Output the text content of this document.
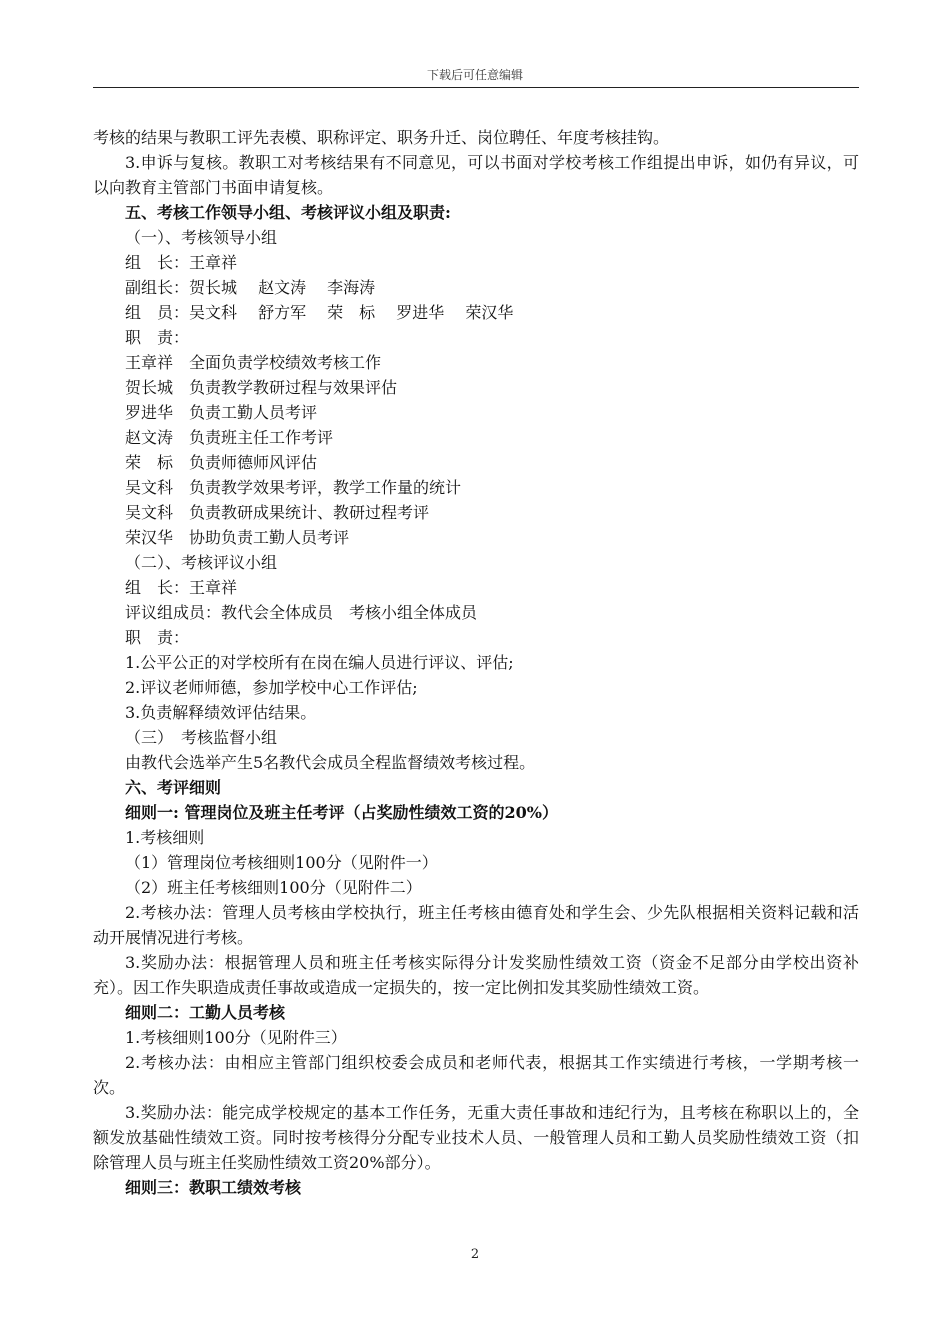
下载后可任意编辑

考核的结果与教职工评先表模、职称评定、职务升迁、岗位聘任、年度考核挂钩。

3.申诉与复核。教职工对考核结果有不同意见，可以书面对学校考核工作组提出申诉，如仍有异议，可以向教育主管部门书面申请复核。

五、考核工作领导小组、考核评议小组及职责:

（一）、考核领导小组

组　长：王章祥

副组长：贺长城　 赵文涛　 李海涛

组　员：吴文科　 舒方军　 荣　标　 罗进华　 荣汉华

职　责：

王章祥　全面负责学校绩效考核工作

贺长城　负责教学教研过程与效果评估

罗进华　负责工勤人员考评

赵文涛　负责班主任工作考评

荣　标　负责师德师风评估

吴文科　负责教学效果考评，教学工作量的统计

吴文科　负责教研成果统计、教研过程考评

荣汉华　协助负责工勤人员考评

（二）、考核评议小组

组　长：王章祥

评议组成员：教代会全体成员　考核小组全体成员

职　责：

1.公平公正的对学校所有在岗在编人员进行评议、评估;

2.评议老师师德，参加学校中心工作评估;

3.负责解释绩效评估结果。

（三）　考核监督小组

由教代会选举产生5名教代会成员全程监督绩效考核过程。

六、考评细则

细则一: 管理岗位及班主任考评（占奖励性绩效工资的20%）

1.考核细则

（1）管理岗位考核细则100分（见附件一）

（2）班主任考核细则100分（见附件二）

2.考核办法：管理人员考核由学校执行，班主任考核由德育处和学生会、少先队根据相关资料记载和活动开展情况进行考核。

3.奖励办法：根据管理人员和班主任考核实际得分计发奖励性绩效工资（资金不足部分由学校出资补充）。因工作失职造成责任事故或造成一定损失的，按一定比例扣发其奖励性绩效工资。

细则二：工勤人员考核

1.考核细则100分（见附件三）

2.考核办法：由相应主管部门组织校委会成员和老师代表，根据其工作实绩进行考核，一学期考核一次。

3.奖励办法：能完成学校规定的基本工作任务，无重大责任事故和违纪行为，且考核在称职以上的，全额发放基础性绩效工资。同时按考核得分分配专业技术人员、一般管理人员和工勤人员奖励性绩效工资（扣除管理人员与班主任奖励性绩效工资20%部分）。

细则三：教职工绩效考核

2
